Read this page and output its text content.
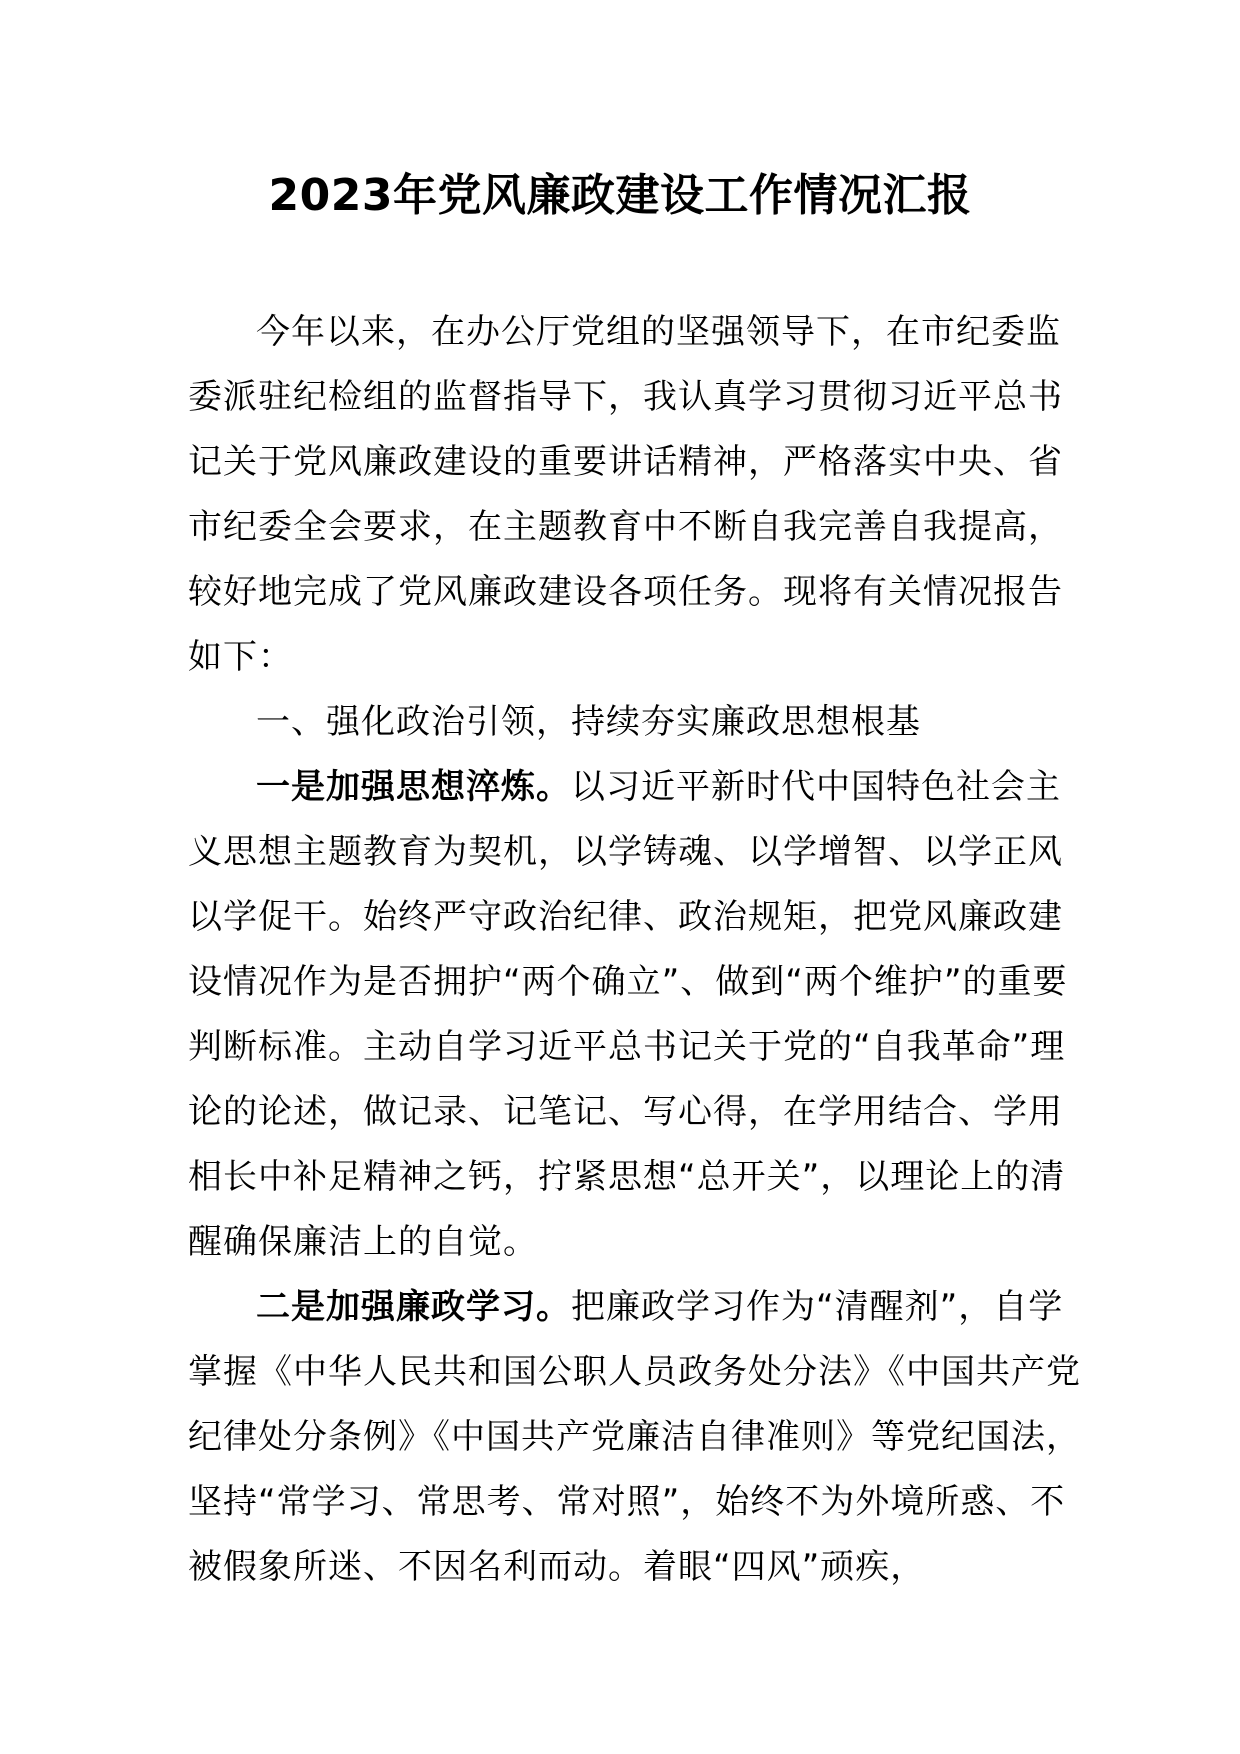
2023年党风廉政建设工作情况汇报

今年以来，在办公厅党组的坚强领导下，在市纪委监委派驻纪检组的监督指导下，我认真学习贯彻习近平总书记关于党风廉政建设的重要讲话精神，严格落实中央、省市纪委全会要求，在主题教育中不断自我完善自我提高，较好地完成了党风廉政建设各项任务。现将有关情况报告如下：

一、强化政治引领，持续夯实廉政思想根基

一是加强思想淬炼。以习近平新时代中国特色社会主义思想主题教育为契机，以学铸魂、以学增智、以学正风以学促干。始终严守政治纪律、政治规矩，把党风廉政建设情况作为是否拥护“两个确立”、做到“两个维护”的重要判断标准。主动自学习近平总书记关于党的“自我革命”理论的论述，做记录、记笔记、写心得，在学用结合、学用相长中补足精神之钙，拧紧思想“总开关”，以理论上的清醒确保廉洁上的自觉。

二是加强廉政学习。把廉政学习作为“清醒剂”，自学掌握《中华人民共和国公职人员政务处分法》《中国共产党纪律处分条例》《中国共产党廉洁自律准则》等党纪国法，坚持“常学习、常思考、常对照”，始终不为外境所惑、不被假象所迷、不因名利而动。着眼“四风”顽疾，
